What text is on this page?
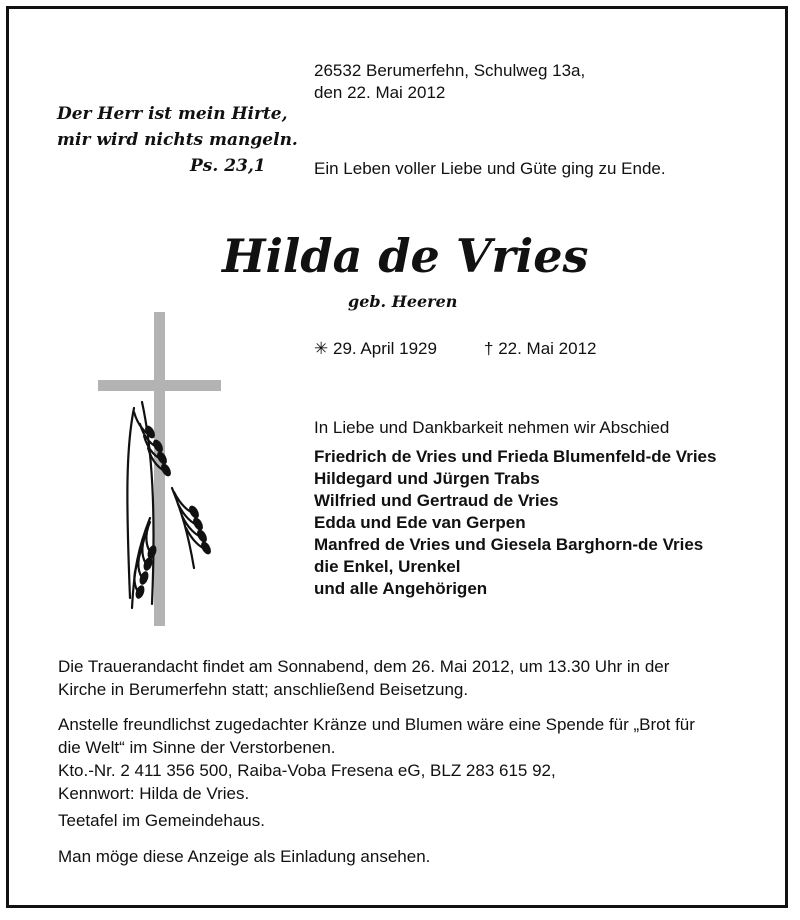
26532 Berumerfehn, Schulweg 13a,
den 22. Mai 2012
Der Herr ist mein Hirte,
mir wird nichts mangeln.
Ps. 23,1	Ein Leben voller Liebe und Güte ging zu Ende.
Hilda de Vries
geb. Heeren
✳ 29. April 1929	† 22. Mai 2012
In Liebe und Dankbarkeit nehmen wir Abschied
Friedrich de Vries und Frieda Blumenfeld-de Vries
Hildegard und Jürgen Trabs
Wilfried und Gertraud de Vries
Edda und Ede van Gerpen
Manfred de Vries und Giesela Barghorn-de Vries
die Enkel, Urenkel
und alle Angehörigen
Die Trauerandacht findet am Sonnabend, dem 26. Mai 2012, um 13.30 Uhr in der
Kirche in Berumerfehn statt; anschließend Beisetzung.
Anstelle freundlichst zugedachter Kränze und Blumen wäre eine Spende für „Brot für
die Welt“ im Sinne der Verstorbenen.
Kto.-Nr. 2 411 356 500, Raiba-Voba Fresena eG, BLZ 283 615 92,
Kennwort: Hilda de Vries.
Teetafel im Gemeindehaus.
Man möge diese Anzeige als Einladung ansehen.
